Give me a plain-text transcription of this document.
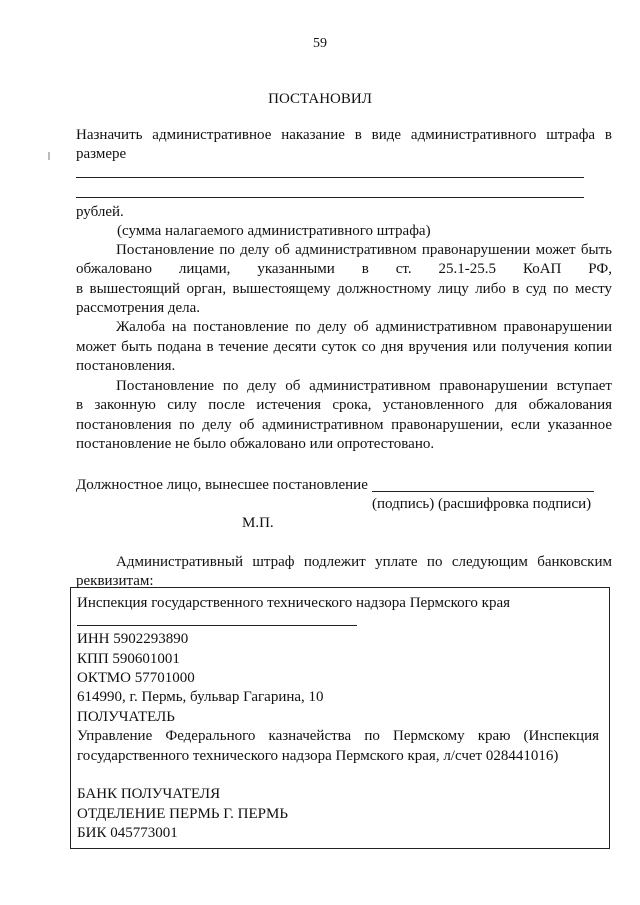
59
ПОСТАНОВИЛ
Назначить административное наказание в виде административного штрафа в
размере
рублей.
(сумма налагаемого административного штрафа)
Постановление по делу об административном правонарушении может быть
обжаловано лицами, указанными в ст. 25.1-25.5 КоАП РФ,
в вышестоящий орган, вышестоящему должностному лицу либо в суд по месту
рассмотрения дела.
Жалоба на постановление по делу об административном правонарушении
может быть подана в течение десяти суток со дня вручения или получения копии
постановления.
Постановление по делу об административном правонарушении вступает
в законную силу после истечения срока, установленного для обжалования
постановления по делу об административном правонарушении, если указанное
постановление не было обжаловано или опротестовано.
Должностное лицо, вынесшее постановление
(подпись) (расшифровка подписи)
М.П.
Административный штраф подлежит уплате по следующим банковским
реквизитам:
Инспекция государственного технического надзора Пермского края
ИНН 5902293890
КПП 590601001
ОКТМО 57701000
614990, г. Пермь, бульвар Гагарина, 10
ПОЛУЧАТЕЛЬ
Управление Федерального казначейства по Пермскому краю (Инспекция
государственного технического надзора Пермского края, л/счет 028441016)
БАНК ПОЛУЧАТЕЛЯ
ОТДЕЛЕНИЕ ПЕРМЬ Г. ПЕРМЬ
БИК 045773001
